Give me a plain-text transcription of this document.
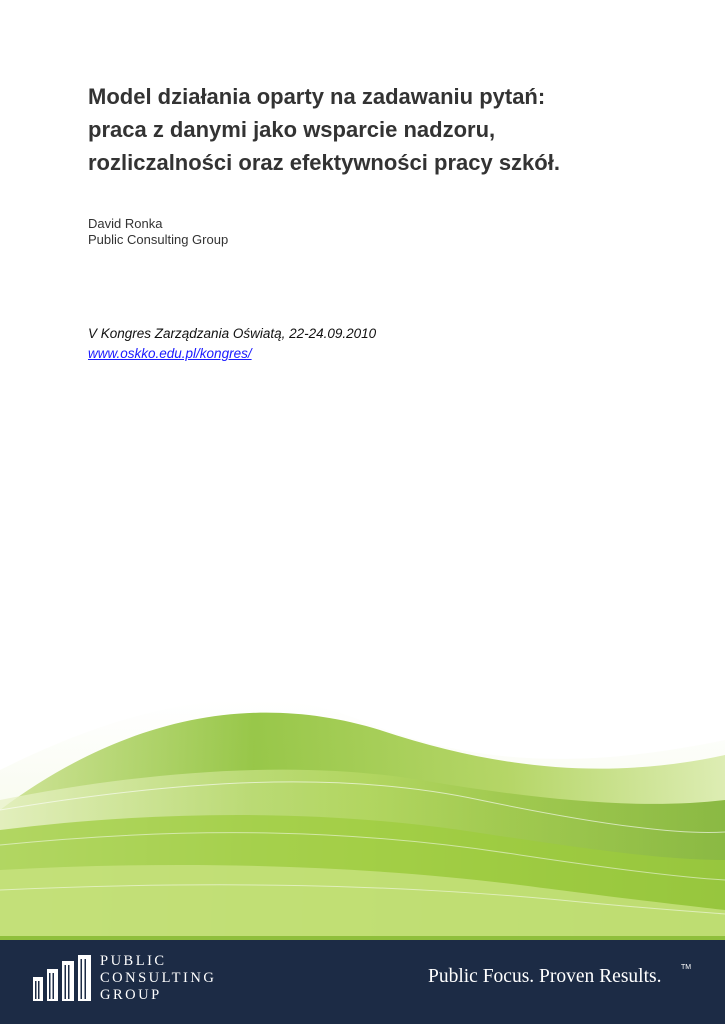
Model działania oparty na zadawaniu pytań:
praca z danymi jako wsparcie nadzoru,
rozliczalności oraz efektywności pracy szkół.
David Ronka
Public Consulting Group
V Kongres Zarządzania Oświatą, 22-24.09.2010
www.oskko.edu.pl/kongres/
PUBLIC
CONSULTING
GROUP
Public Focus. Proven Results.	TM
